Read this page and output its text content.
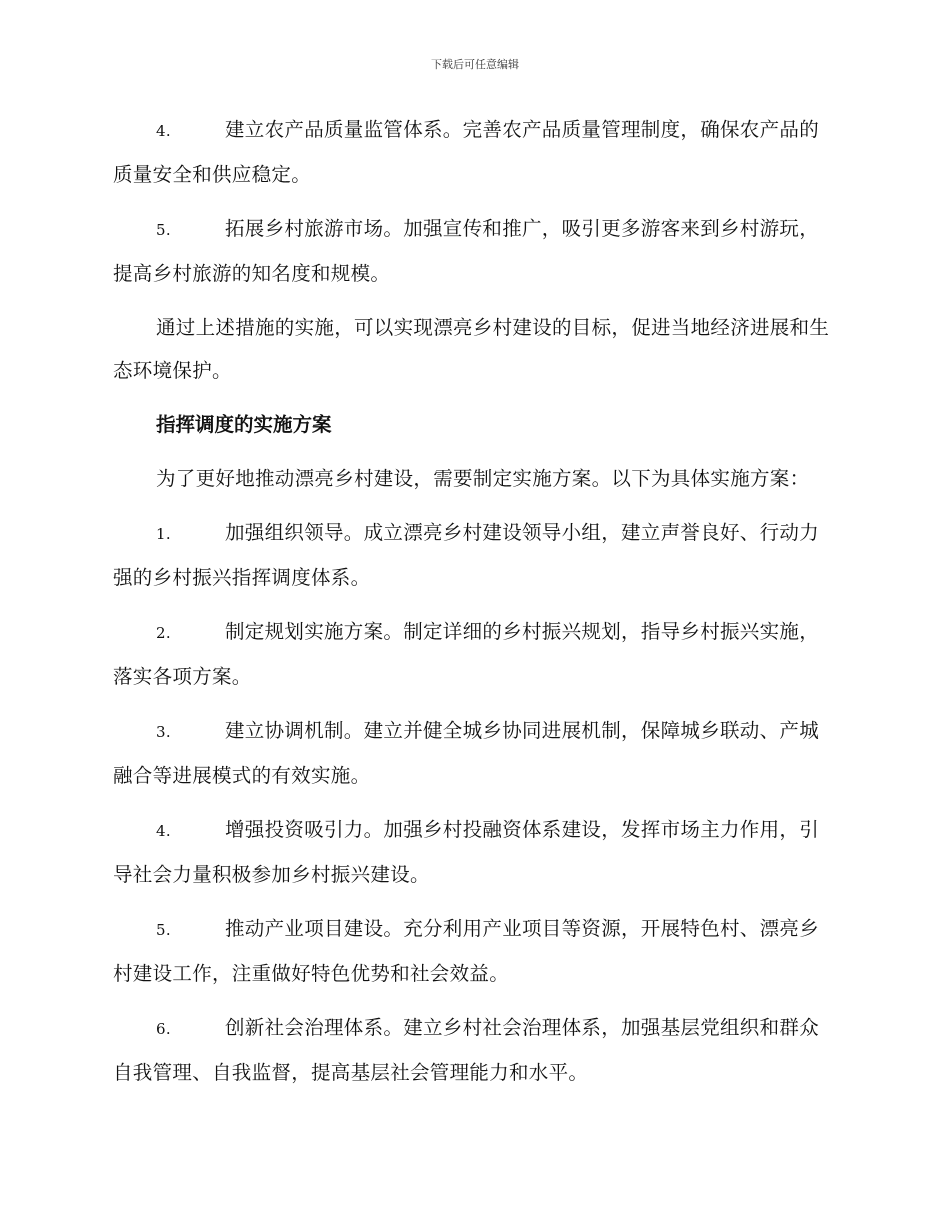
下载后可任意编辑

4.	建立农产品质量监管体系。完善农产品质量管理制度，确保农产品的质量安全和供应稳定。

5.	拓展乡村旅游市场。加强宣传和推广，吸引更多游客来到乡村游玩，提高乡村旅游的知名度和规模。

通过上述措施的实施，可以实现漂亮乡村建设的目标，促进当地经济进展和生态环境保护。

指挥调度的实施方案

为了更好地推动漂亮乡村建设，需要制定实施方案。以下为具体实施方案：

1.	加强组织领导。成立漂亮乡村建设领导小组，建立声誉良好、行动力强的乡村振兴指挥调度体系。

2.	制定规划实施方案。制定详细的乡村振兴规划，指导乡村振兴实施，落实各项方案。

3.	建立协调机制。建立并健全城乡协同进展机制，保障城乡联动、产城融合等进展模式的有效实施。

4.	增强投资吸引力。加强乡村投融资体系建设，发挥市场主力作用，引导社会力量积极参加乡村振兴建设。

5.	推动产业项目建设。充分利用产业项目等资源，开展特色村、漂亮乡村建设工作，注重做好特色优势和社会效益。

6.	创新社会治理体系。建立乡村社会治理体系，加强基层党组织和群众自我管理、自我监督，提高基层社会管理能力和水平。
